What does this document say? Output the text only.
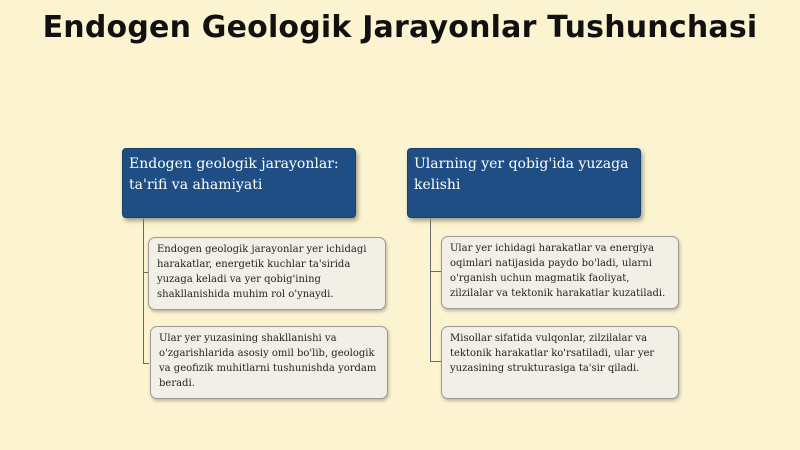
Endogen Geologik Jarayonlar Tushunchasi
Endogen geologik jarayonlar: ta'rifi va ahamiyati
Endogen geologik jarayonlar yer ichidagi harakatlar, energetik kuchlar ta'sirida yuzaga keladi va yer qobig'ining shakllanishida muhim rol o'ynaydi.
Ular yer yuzasining shakllanishi va o'zgarishlarida asosiy omil bo'lib, geologik va geofizik muhitlarni tushunishda yordam beradi.
Ularning yer qobig'ida yuzaga kelishi
Ular yer ichidagi harakatlar va energiya oqimlari natijasida paydo bo'ladi, ularni o'rganish uchun magmatik faoliyat, zilzilalar va tektonik harakatlar kuzatiladi.
Misollar sifatida vulqonlar, zilzilalar va tektonik harakatlar ko'rsatiladi, ular yer yuzasining strukturasiga ta'sir qiladi.
